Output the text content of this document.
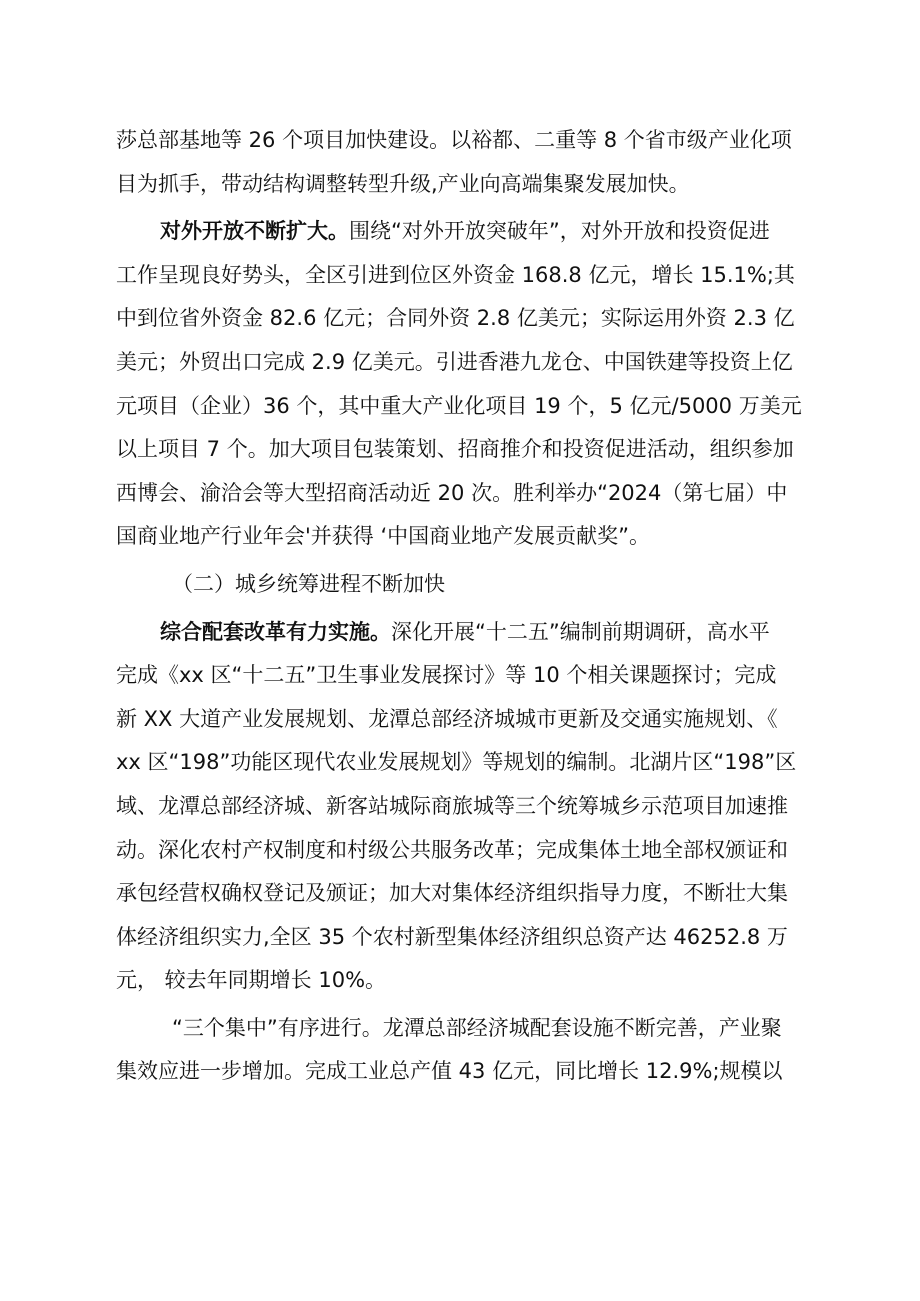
莎总部基地等 26 个项目加快建设。以裕都、二重等 8 个省市级产业化项
目为抓手，带动结构调整转型升级,产业向高端集聚发展加快。
对外开放不断扩大。围绕“对外开放突破年”，对外开放和投资促进
工作呈现良好势头，全区引进到位区外资金 168.8 亿元，增长 15.1%;其
中到位省外资金 82.6 亿元；合同外资 2.8 亿美元；实际运用外资 2.3 亿
美元；外贸出口完成 2.9 亿美元。引进香港九龙仓、中国铁建等投资上亿
元项目（企业）36 个，其中重大产业化项目 19 个，5 亿元/5000 万美元
以上项目 7 个。加大项目包装策划、招商推介和投资促进活动，组织参加
西博会、渝洽会等大型招商活动近 20 次。胜利举办“2024（第七届）中
国商业地产行业年会'并获得 ‘中国商业地产发展贡献奖”。
（二）城乡统筹进程不断加快
综合配套改革有力实施。深化开展“十二五”编制前期调研，高水平
完成《xx 区“十二五”卫生事业发展探讨》等 10 个相关课题探讨；完成
新 XX 大道产业发展规划、龙潭总部经济城城市更新及交通实施规划、《
xx 区“198”功能区现代农业发展规划》等规划的编制。北湖片区“198”区
域、龙潭总部经济城、新客站城际商旅城等三个统筹城乡示范项目加速推
动。深化农村产权制度和村级公共服务改革；完成集体土地全部权颁证和
承包经营权确权登记及颁证；加大对集体经济组织指导力度，不断壮大集
体经济组织实力,全区 35 个农村新型集体经济组织总资产达 46252.8 万
元， 较去年同期增长 10%。
“三个集中”有序进行。龙潭总部经济城配套设施不断完善，产业聚
集效应进一步增加。完成工业总产值 43 亿元，同比增长 12.9%;规模以
